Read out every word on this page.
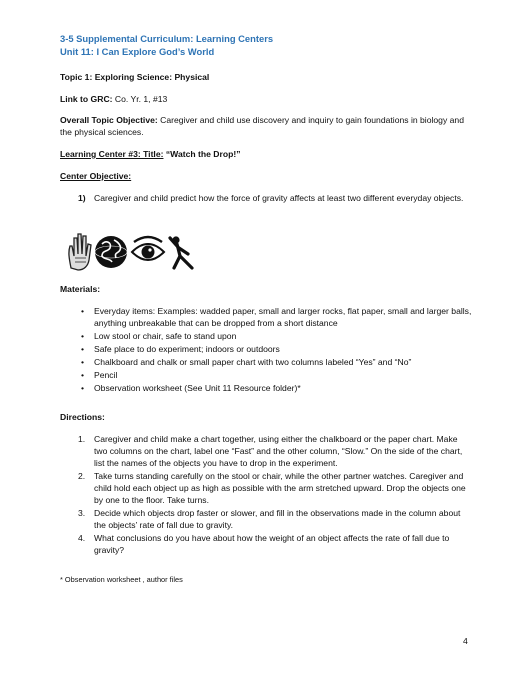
3-5 Supplemental Curriculum: Learning Centers
Unit 11: I Can Explore God’s World
Topic 1: Exploring Science: Physical
Link to GRC: Co. Yr. 1, #13
Overall Topic Objective: Caregiver and child use discovery and inquiry to gain foundations in biology and the physical sciences.
Learning Center #3: Title: “Watch the Drop!”
Center Objective:
1) Caregiver and child predict how the force of gravity affects at least two different everyday objects.
Materials:
• Everyday items: Examples: wadded paper, small and larger rocks, flat paper, small and larger balls, anything unbreakable that can be dropped from a short distance
• Low stool or chair, safe to stand upon
• Safe place to do experiment; indoors or outdoors
• Chalkboard and chalk or small paper chart with two columns labeled “Yes” and “No”
• Pencil
• Observation worksheet (See Unit 11 Resource folder)*
Directions:
1. Caregiver and child make a chart together, using either the chalkboard or the paper chart. Make two columns on the chart, label one “Fast” and the other column, “Slow.” On the side of the chart, list the names of the objects you have to drop in the experiment.
2. Take turns standing carefully on the stool or chair, while the other partner watches. Caregiver and child hold each object up as high as possible with the arm stretched upward. Drop the objects one by one to the floor. Take turns.
3. Decide which objects drop faster or slower, and fill in the observations made in the column about the objects’ rate of fall due to gravity.
4. What conclusions do you have about how the weight of an object affects the rate of fall due to gravity?
* Observation worksheet , author files
4
